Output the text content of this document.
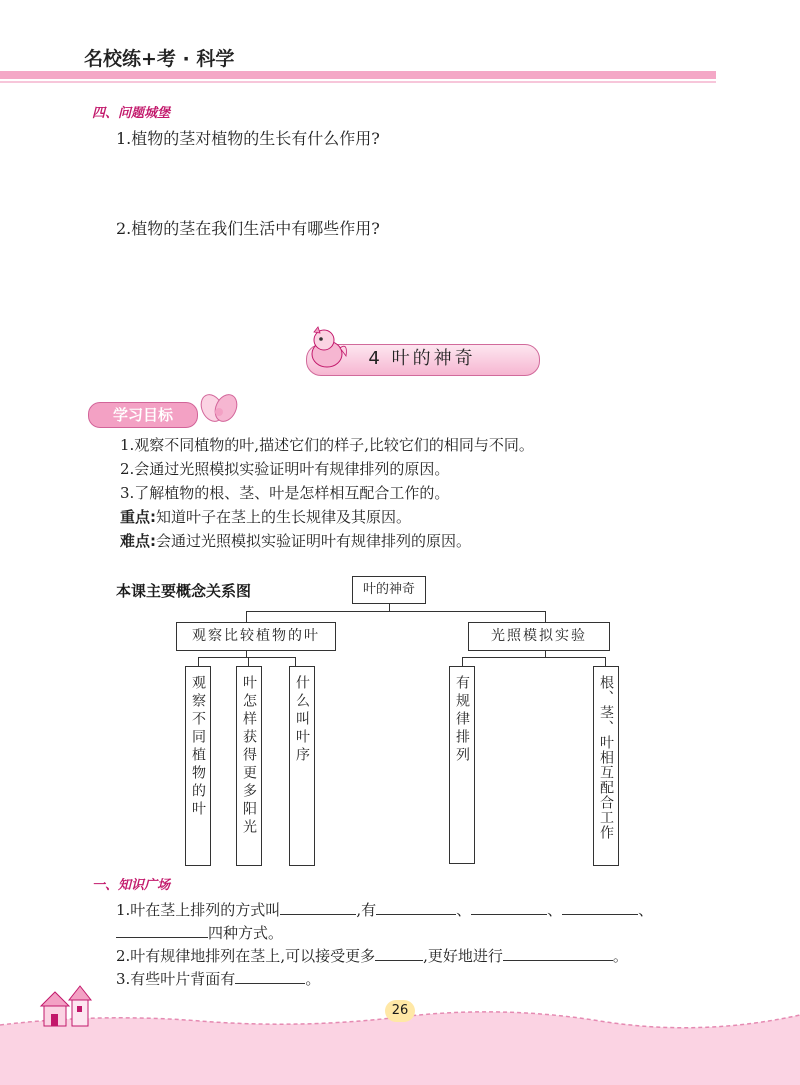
名校练+考 · 科学
四、问题城堡
1.植物的茎对植物的生长有什么作用?
2.植物的茎在我们生活中有哪些作用?
4 叶的神奇
学习目标
1.观察不同植物的叶,描述它们的样子,比较它们的相同与不同。
2.会通过光照模拟实验证明叶有规律排列的原因。
3.了解植物的根、茎、叶是怎样相互配合工作的。
重点:知道叶子在茎上的生长规律及其原因。
难点:会通过光照模拟实验证明叶有规律排列的原因。
本课主要概念关系图	叶的神奇
观察比较植物的叶	光照模拟实验
观察不同植物的叶	叶怎样获得更多阳光	什么叫叶序	有规律排列	根、茎、叶相互配合工作
一、知识广场
1.叶在茎上排列的方式叫	,有	、	、	、
四种方式。
2.叶有规律地排列在茎上,可以接受更多	,更好地进行	。
3.有些叶片背面有	。
26
